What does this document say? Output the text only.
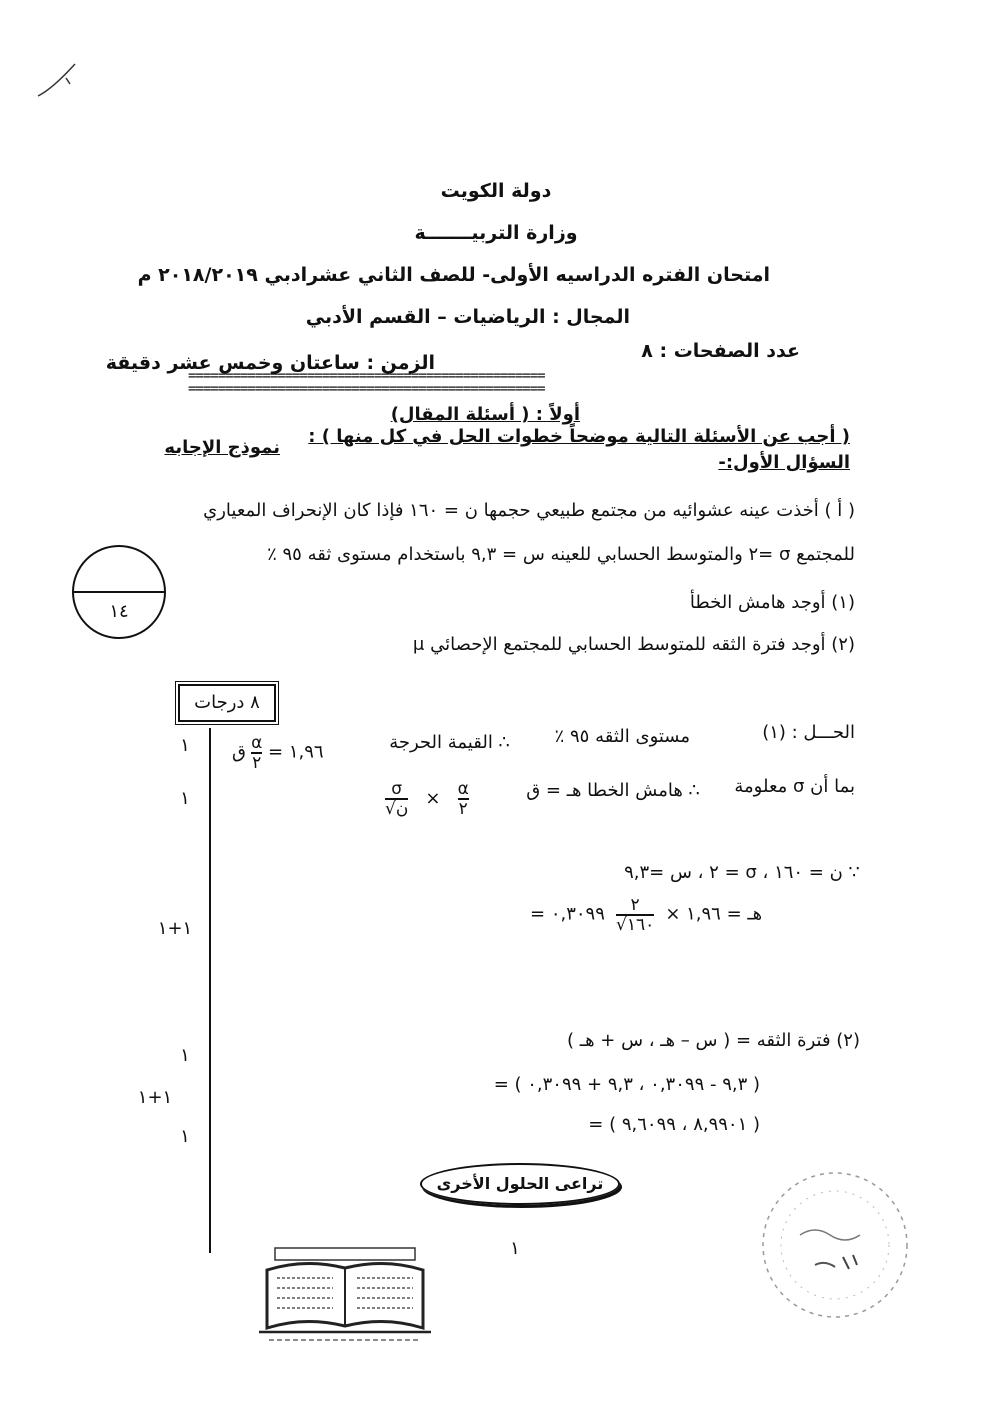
دولة الكويت
وزارة التربيـــــــة
امتحان الفتره الدراسيه الأولى- للصف الثاني عشرادبي ٢٠١٨/٢٠١٩ م
المجال : الرياضيات – القسم الأدبي
عدد الصفحات : ٨
الزمن : ساعتان وخمس عشر دقيقة
================================================
================================================
أولاً : ( أسئلة المقال)
( أجب عن الأسئلة التالية موضحاً خطوات الحل في كل منها ) :
نموذج الإجابه
السؤال الأول:-
( أ ) أخذت عينه عشوائيه من مجتمع طبيعي حجمها ن = ١٦٠ فإذا كان الإنحراف المعياري
للمجتمع σ =٢ والمتوسط الحسابي للعينه س = ٩,٣ باستخدام مستوى ثقه ٩٥ ٪
(١) أوجد هامش الخطأ
(٢) أوجد فترة الثقه للمتوسط الحسابي للمجتمع الإحصائي μ
١٤
٨ درجات
١
١
١+١
١
١+١
١
الحـــل : (١)
مستوى الثقه ٩٥ ٪
∴ القيمة الحرجة
١,٩٦ =
$\frac{\alpha}{٢}$
ق
بما أن σ معلومة
∴ هامش الخطا هـ = ق
$\frac{\sigma}{\text{√ن}} \times \frac{\alpha}{٢}$
∵ ن = ١٦٠ ، σ = ٢ ، س =٩,٣
= ٠,٣٠٩٩ $\frac{٢}{√١٦٠}$ هـ = ١,٩٦ ×
(٢) فترة الثقه = ( س – هـ ، س + هـ )
= ( ٩,٣ - ٠,٣٠٩٩ ، ٩,٣ + ٠,٣٠٩٩ )
= ( ٨,٩٩٠١ ، ٩,٦٠٩٩ )
تراعى الحلول الأخرى
١
